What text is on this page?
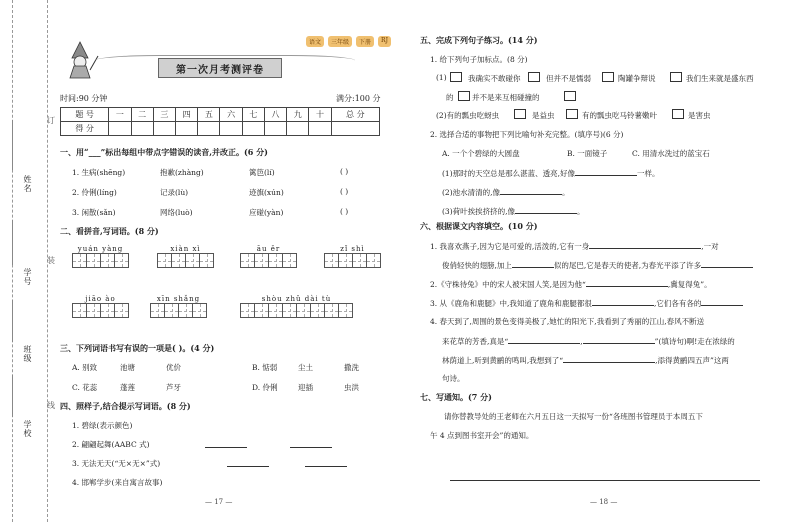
姓名
学号
班级
学校
订
装
线
语文	三年级	下册	RJ
第一次月考测评卷
时间:90 分钟	满分:100 分
题 号	一	二	三	四	五	六	七	八	九	十	总 分
得 分											
一、用“___”标出每组中带点字错误的读音,并改正。(6 分)
1. 生病(shēng)	抱歉(zhàng)	篱笆(lí)	( )
2. 伶俐(líng)	记录(lù)	迹旗(xún)	( )
3. 闲散(sǎn)	网络(luò)	应碰(yàn)	( )
二、看拼音,写词语。(8 分)
yuán yàng	xiàn xì	āu ěr	zǐ shì
jiāo ào	xīn shǎng	shòu zhǔ dài tù
三、下列词语书写有误的一项是( )。(4 分)
A. 别致	池塘	优价	B. 惦弱	尘土	撒洗
C. 花蕊	蓬莲	芦牙	D. 伶俐	迎插	虫洪
四、照样子,结合提示写词语。(8 分)
1. 碧绿(表示颜色)
2. 翩翩起舞(AABC 式)
3. 无法无天(“无×无×”式)
4. 邯郸学步(来自寓言故事)
— 17 —
五、完成下列句子练习。(14 分)
1. 给下列句子加标点。(8 分)
(1)	我确实不敢碰你	但并不是懦弱	陶罐争辩说	我们生来就是盛东西
的 并不是来互相碰撞的
(2)有的瓢虫吃蚜虫	是益虫	有的瓢虫吃马铃薯嫩叶	是害虫
2. 选择合适的事物把下列比喻句补充完整。(填序号)(6 分)
A. 一个个碧绿的大圆盘	B. 一面镜子	C. 用清水洗过的蓝宝石
(1)那时的天空总是那么湛蓝、透亮,好像	一样。
(2)池水清清的,像	。
(3)荷叶挨挨挤挤的,像	。
六、根据课文内容填空。(10 分)
1. 我喜欢燕子,因为它是可爱的,活泼的,它有一身	,一对
俊俏轻快的翅膀,加上	似的尾巴,它是春天的使者,为春光平添了许多
2.《守株待兔》中的宋人被宋国人笑,是因为他“	,冀复得兔”。
3. 从《鹿角和鹿腿》中,我知道了鹿角和鹿腿都很	,它们各有各的
4. 春天到了,周围的景色变得美极了,她忙的阳光下,我看到了秀丽的江山,春风不断送
来花草的芳香,真是“	,	”(填诗句)啊!走在浓绿的
林荫道上,听到黄鹂的鸣叫,我想到了“	,添得黄鹂四五声”这两
句诗。
七、写通知。(7 分)
请你替教导处的王老师在六月五日这一天拟写一份“各班图书管理员于本周五下
午 4 点到图书室开会”的通知。
— 18 —
